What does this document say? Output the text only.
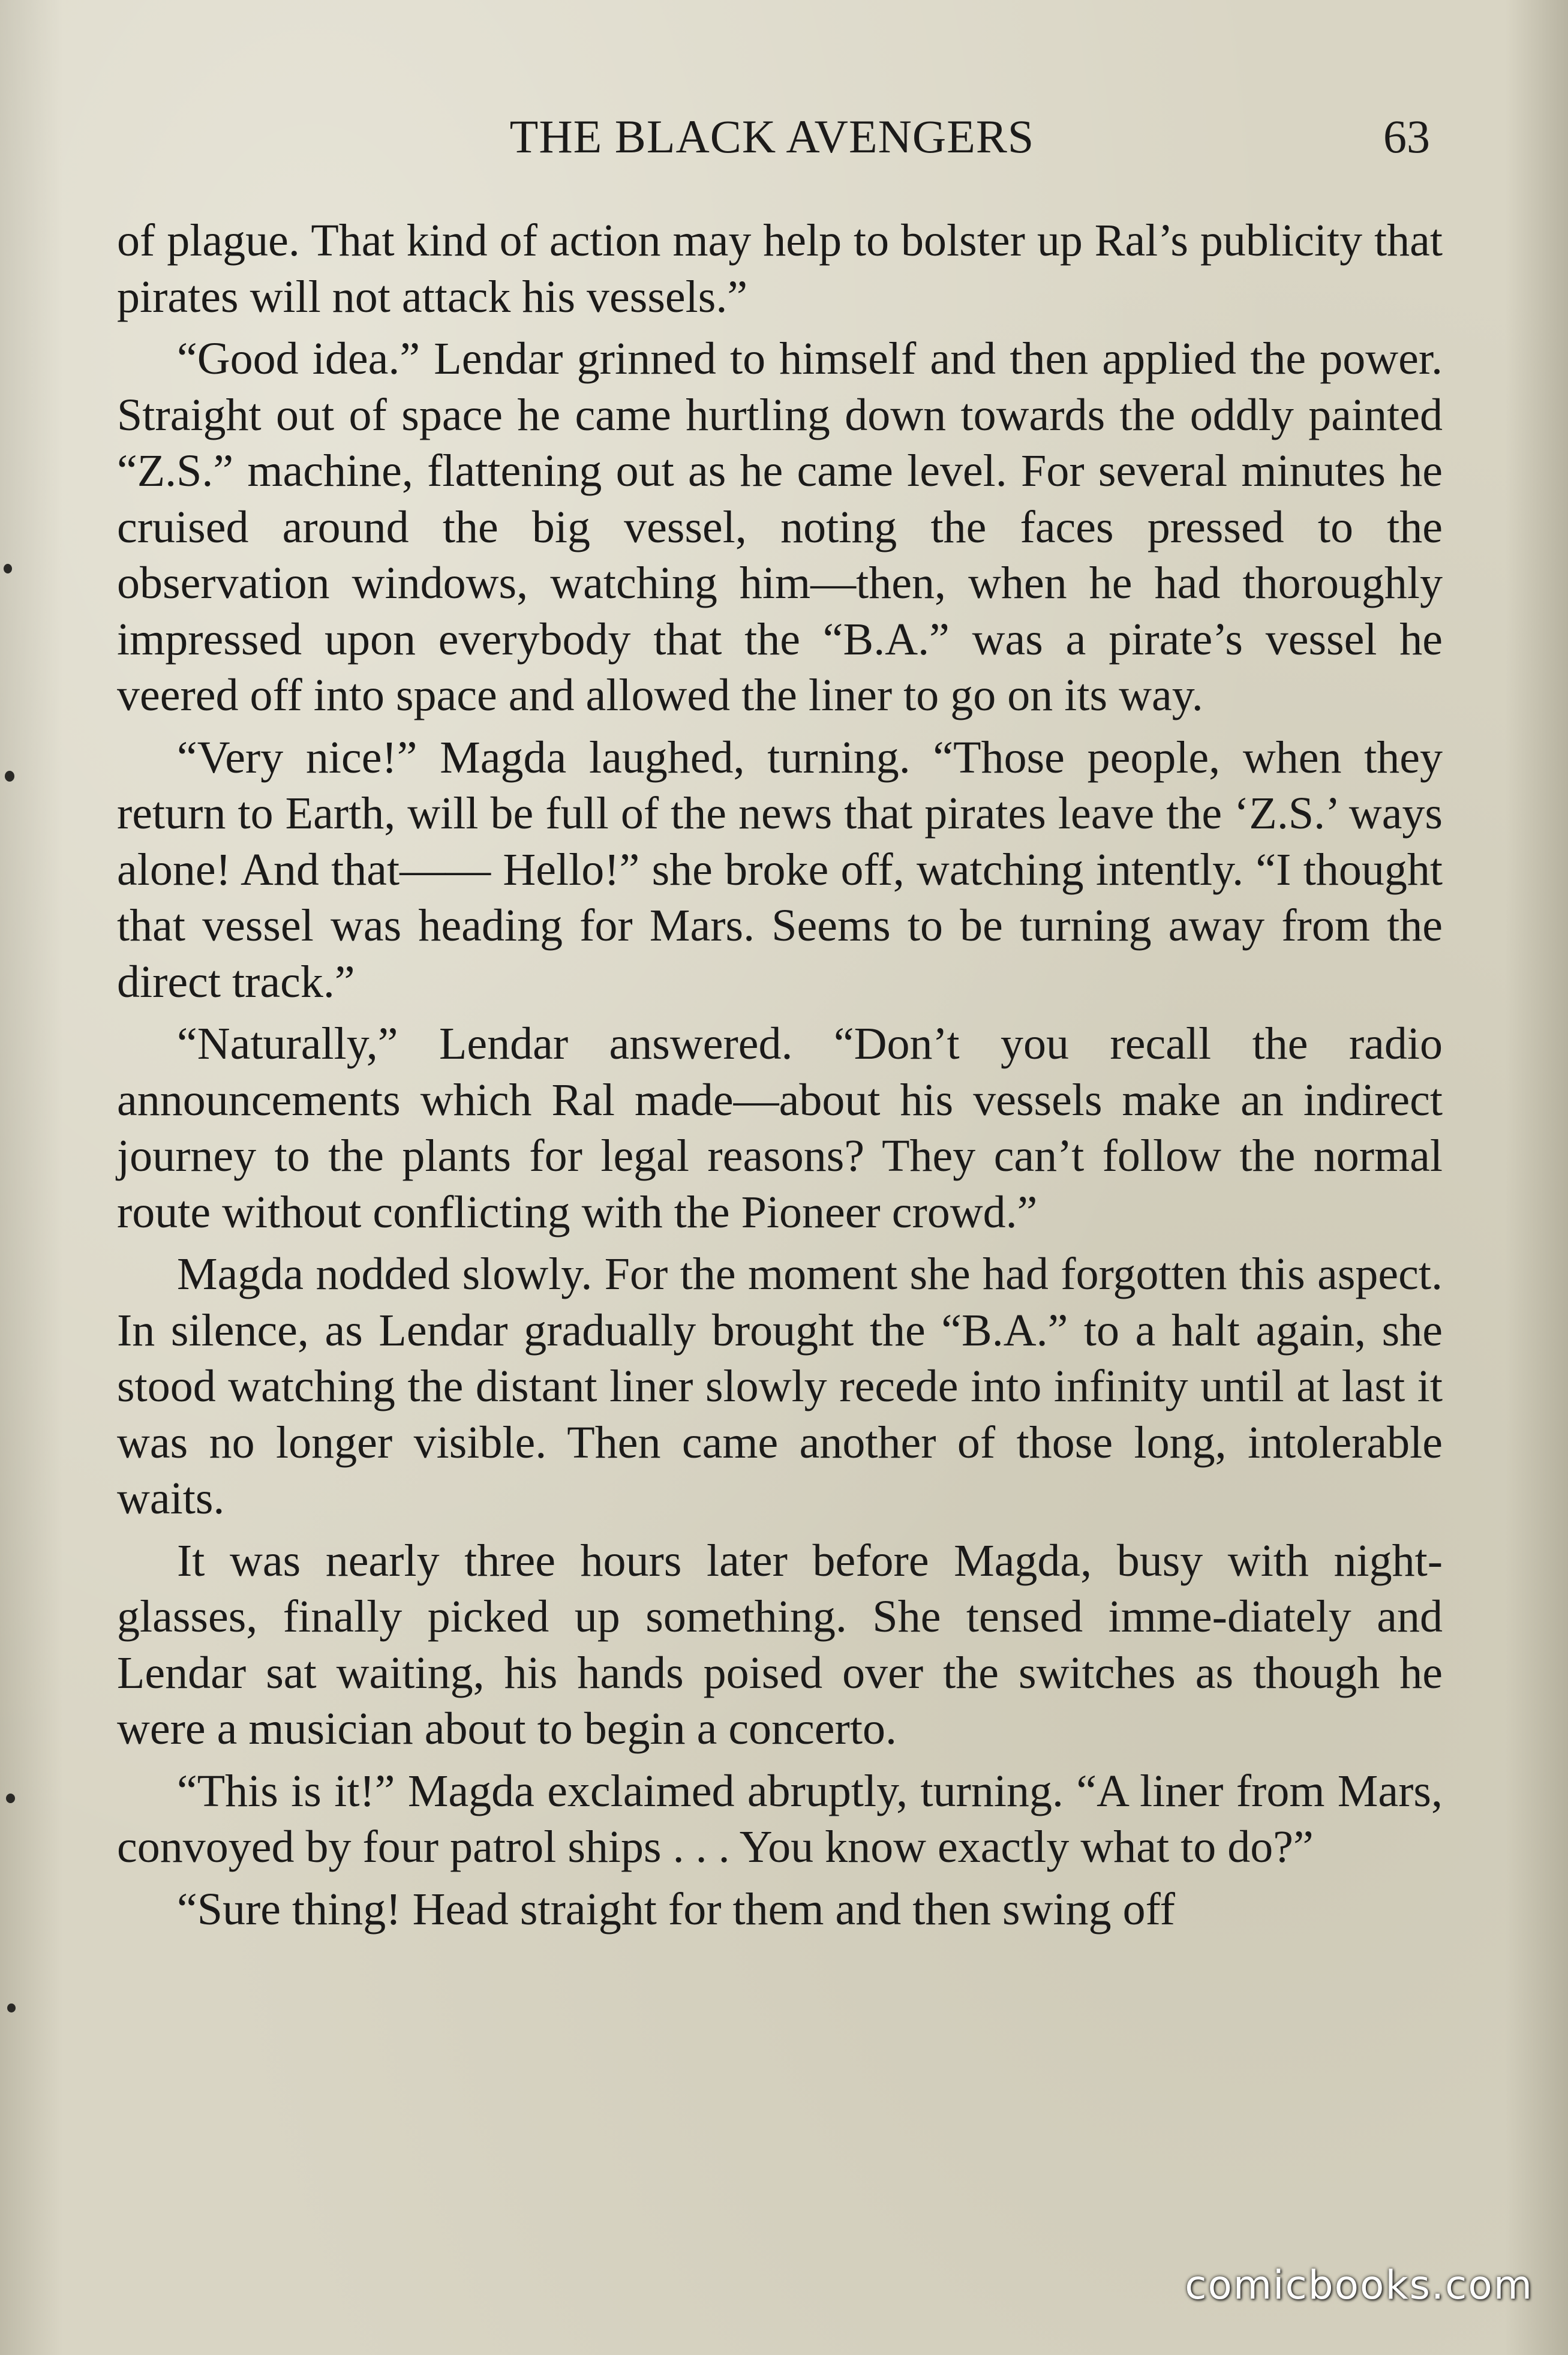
THE BLACK AVENGERS	63

of plague. That kind of action may help to bolster up Ral’s publicity that pirates will not attack his vessels.”

“Good idea.” Lendar grinned to himself and then applied the power. Straight out of space he came hurtling down towards the oddly painted “Z.S.” machine, flattening out as he came level. For several minutes he cruised around the big vessel, noting the faces pressed to the observation windows, watching him—then, when he had thoroughly impressed upon everybody that the “B.A.” was a pirate’s vessel he veered off into space and allowed the liner to go on its way.

“Very nice!” Magda laughed, turning. “Those people, when they return to Earth, will be full of the news that pirates leave the ‘Z.S.’ ways alone! And that—— Hello!” she broke off, watching intently. “I thought that vessel was heading for Mars. Seems to be turning away from the direct track.”

“Naturally,” Lendar answered. “Don’t you recall the radio announcements which Ral made—about his vessels make an indirect journey to the plants for legal reasons? They can’t follow the normal route without conflicting with the Pioneer crowd.”

Magda nodded slowly. For the moment she had forgotten this aspect. In silence, as Lendar gradually brought the “B.A.” to a halt again, she stood watching the distant liner slowly recede into infinity until at last it was no longer visible. Then came another of those long, intolerable waits.

It was nearly three hours later before Magda, busy with night-glasses, finally picked up something. She tensed imme-diately and Lendar sat waiting, his hands poised over the switches as though he were a musician about to begin a concerto.

“This is it!” Magda exclaimed abruptly, turning. “A liner from Mars, convoyed by four patrol ships . . . You know exactly what to do?”

“Sure thing! Head straight for them and then swing off

comicbooks.com
